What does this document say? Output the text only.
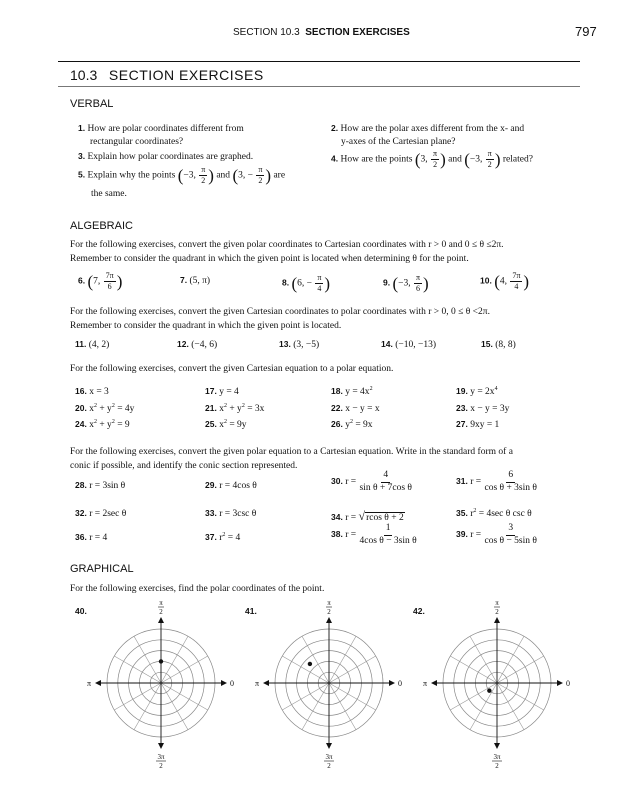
SECTION 10.3 SECTION EXERCISES	797
10.3 SECTION EXERCISES
VERBAL
1. How are polar coordinates different from
rectangular coordinates?
3. Explain how polar coordinates are graphed.
5. Explain why the points (−3, $\frac{\pi}{2}$ ) and (3, − $\frac{\pi}{2}$ ) are
the same.
2. How are the polar axes different from the x- and
y-axes of the Cartesian plane?
4. How are the points (3, $\frac{\pi}{2}$ ) and (−3, $\frac{\pi}{2}$ ) related?
ALGEBRAIC
For the following exercises, convert the given polar coordinates to Cartesian coordinates with r > 0 and 0 ≤ θ ≤2π.
Remember to consider the quadrant in which the given point is located when determining θ for the point.
6. (7, $\frac{7\pi}{6}$ )	7. (5, π)	8. (6, − $\frac{\pi}{4}$ )	9. (−3, $\frac{\pi}{6}$ )	10. (4, $\frac{7\pi}{4}$ )
For the following exercises, convert the given Cartesian coordinates to polar coordinates with r > 0, 0 ≤ θ <2π.
Remember to consider the quadrant in which the given point is located.
11. (4, 2)	12. (−4, 6)	13. (3, −5)	14. (−10, −13)	15. (8, 8)
For the following exercises, convert the given Cartesian equation to a polar equation.
16. x = 3	17. y = 4	18. $y = 4x^2$	19. $y = 2x^4$
20. $x^2 + y^2 = 4y$	21. $x^2 + y^2 = 3x$	22. x − y = x	23. x − y = 3y
24. $x^2 + y^2 = 9$	25. $x^2 = 9y$	26. $y^2 = 9x$	27. 9xy = 1
For the following exercises, convert the given polar equation to a Cartesian equation. Write in the standard form of a
conic if possible, and identify the conic section represented.
28. r = 3sin θ	29. r = 4cos θ	30. $r = \frac{4}{\text{sin θ + 7cos θ}}$	31. $r = \frac{6}{\text{cos θ + 3sin θ}}$
32. r = 2sec θ	33. r = 3csc θ	34. r = √rcos θ + 2	35. $r^2 = 4\sec$ θ csc θ
36. r = 4	37. $r^2 = 4$	38. $r = \frac{1}{\text{4cos θ − 3sin θ}}$	39. $r = \frac{3}{\text{cos θ − 5sin θ}}$
GRAPHICAL
For the following exercises, find the polar coordinates of the point.
40.	41.	42.
π
2
π	0
3π
2
π
2
π	0
3π
2
π
2
π	0
3π
2
